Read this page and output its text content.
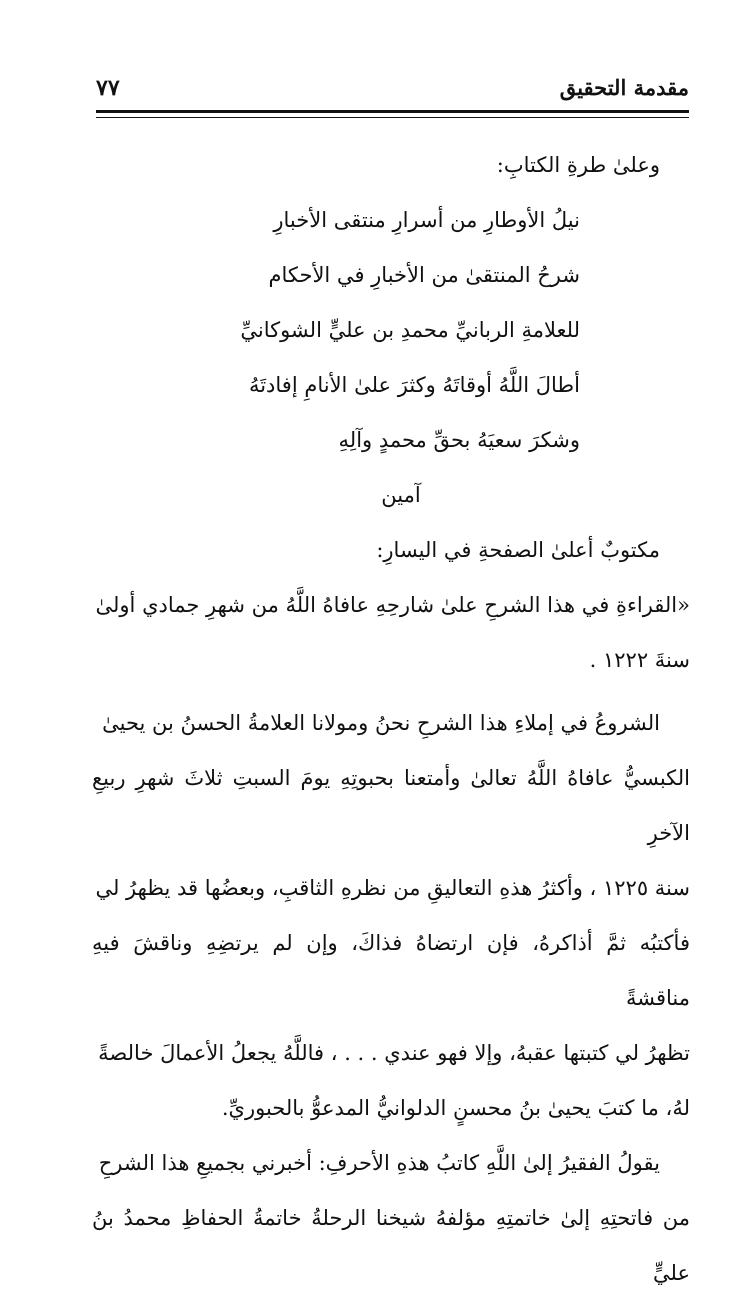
مقدمة التحقيق
٧٧

وعلىٰ طرةِ الكتابِ:

نيلُ الأوطارِ من أسرارِ منتقى الأخبارِ

شرحُ المنتقىٰ من الأخبارِ في الأحكام

للعلامةِ الربانيِّ محمدِ بن عليٍّ الشوكانيِّ

أطالَ اللَّهُ أوقاتَهُ وكثرَ علىٰ الأنامِ إفادتَهُ

وشكرَ سعيَهُ بحقِّ محمدٍ وآلِهِ

آمين

مكتوبٌ أعلىٰ الصفحةِ في اليسارِ:

«القراءةِ في هذا الشرحِ علىٰ شارحِهِ عافاهُ اللَّهُ من شهرِ جمادي أولىٰ

سنةَ ١٢٢٢ .

الشروعُ في إملاءِ هذا الشرحِ نحنُ ومولانا العلامةُ الحسنُ بن يحيىٰ

الكبسيُّ عافاهُ اللَّهُ تعالىٰ وأمتعنا بحبوتِهِ يومَ السبتِ ثلاثَ شهرِ ربيعِ الآخرِ

سنة ١٢٢٥ ، وأكثرُ هذهِ التعاليقِ من نظرهِ الثاقبِ، وبعضُها قد يظهرُ لي

فأكتبُه ثمَّ أذاكرهُ، فإن ارتضاهُ فذاكَ، وإن لم يرتضِهِ وناقشَ فيهِ مناقشةً

تظهرُ لي كتبتها عقبهُ، وإلا فهو عندي . . . ، فاللَّهُ يجعلُ الأعمالَ خالصةً

لهُ، ما كتبَ يحيىٰ بنُ محسنٍ الدلوانيُّ المدعوُّ بالحبوريِّ.

يقولُ الفقيرُ إلىٰ اللَّهِ كاتبُ هذهِ الأحرفِ: أخبرني بجميعِ هذا الشرحِ

من فاتحتِهِ إلىٰ خاتمتِهِ مؤلفهُ شيخنا الرحلةُ خاتمةُ الحفاظِ محمدُ بنُ عليٍّ
